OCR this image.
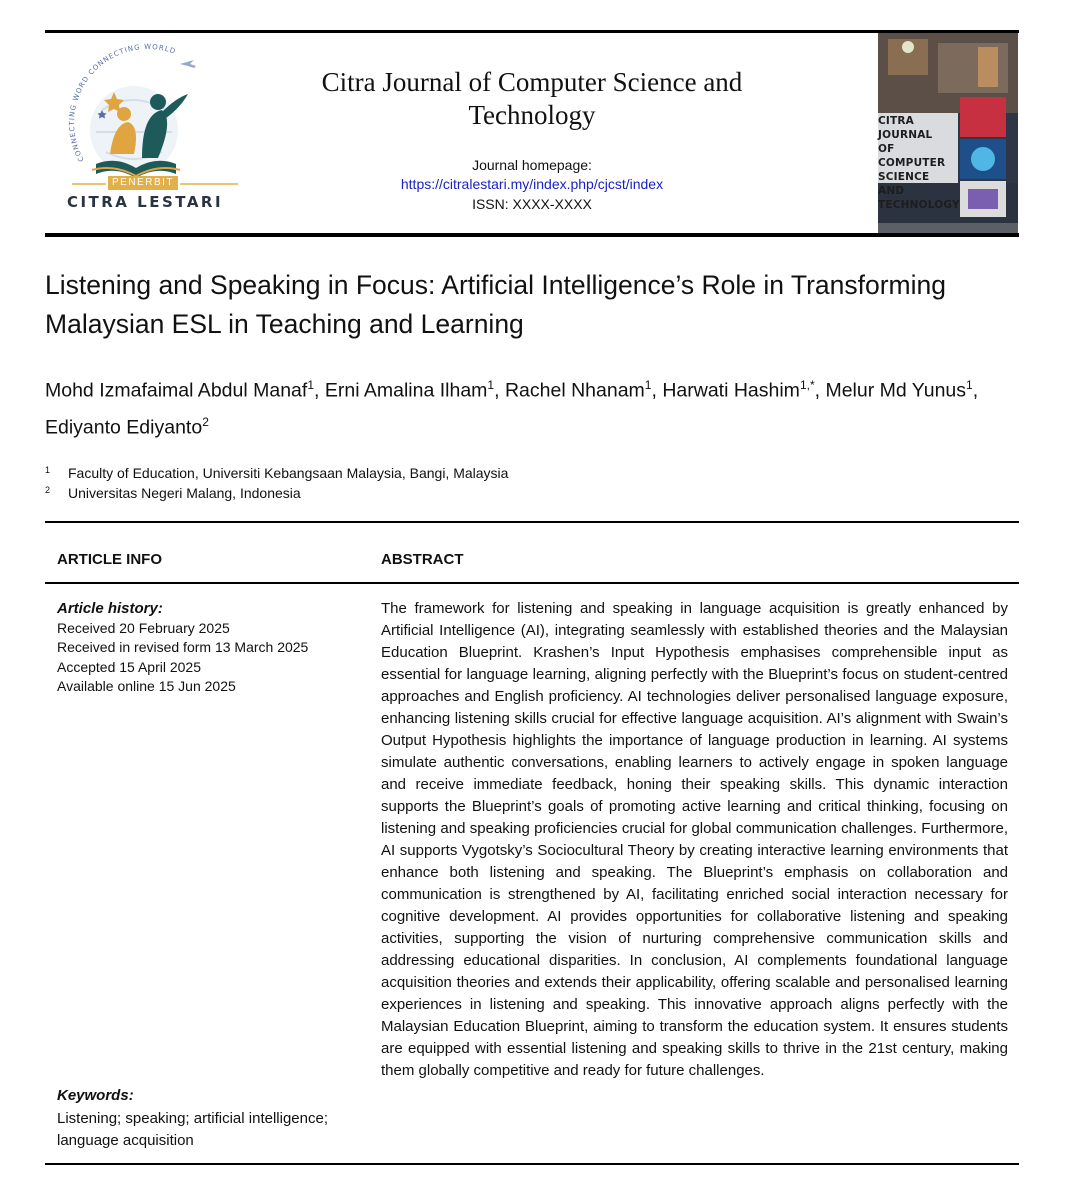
CONNECTING WORD CONNECTING WORLD
PENERBIT
CITRA LESTARI
Citra Journal of Computer Science and Technology
Journal homepage:
https://citralestari.my/index.php/cjcst/index
ISSN: XXXX-XXXX
CITRA JOURNAL
OF COMPUTER
SCIENCE AND
TECHNOLOGY
Listening and Speaking in Focus: Artificial Intelligence’s Role in Transforming Malaysian ESL in Teaching and Learning
Mohd Izmafaimal Abdul Manaf$^1$, Erni Amalina Ilham$^1$, Rachel Nhanam$^1$, Harwati Hashim$^{1,*}$, Melur Md Yunus$^1$, Ediyanto Ediyanto$^2$
1 Faculty of Education, Universiti Kebangsaan Malaysia, Bangi, Malaysia
2 Universitas Negeri Malang, Indonesia
ARTICLE INFO	ABSTRACT
Article history:
Received 20 February 2025
Received in revised form 13 March 2025
Accepted 15 April 2025
Available online 15 Jun 2025
Keywords:
Listening; speaking; artificial intelligence; language acquisition
The framework for listening and speaking in language acquisition is greatly enhanced by Artificial Intelligence (AI), integrating seamlessly with established theories and the Malaysian Education Blueprint. Krashen’s Input Hypothesis emphasises comprehensible input as essential for language learning, aligning perfectly with the Blueprint’s focus on student-centred approaches and English proficiency. AI technologies deliver personalised language exposure, enhancing listening skills crucial for effective language acquisition. AI’s alignment with Swain’s Output Hypothesis highlights the importance of language production in learning. AI systems simulate authentic conversations, enabling learners to actively engage in spoken language and receive immediate feedback, honing their speaking skills. This dynamic interaction supports the Blueprint’s goals of promoting active learning and critical thinking, focusing on listening and speaking proficiencies crucial for global communication challenges. Furthermore, AI supports Vygotsky’s Sociocultural Theory by creating interactive learning environments that enhance both listening and speaking. The Blueprint’s emphasis on collaboration and communication is strengthened by AI, facilitating enriched social interaction necessary for cognitive development. AI provides opportunities for collaborative listening and speaking activities, supporting the vision of nurturing comprehensive communication skills and addressing educational disparities. In conclusion, AI complements foundational language acquisition theories and extends their applicability, offering scalable and personalised learning experiences in listening and speaking. This innovative approach aligns perfectly with the Malaysian Education Blueprint, aiming to transform the education system. It ensures students are equipped with essential listening and speaking skills to thrive in the 21st century, making them globally competitive and ready for future challenges.
